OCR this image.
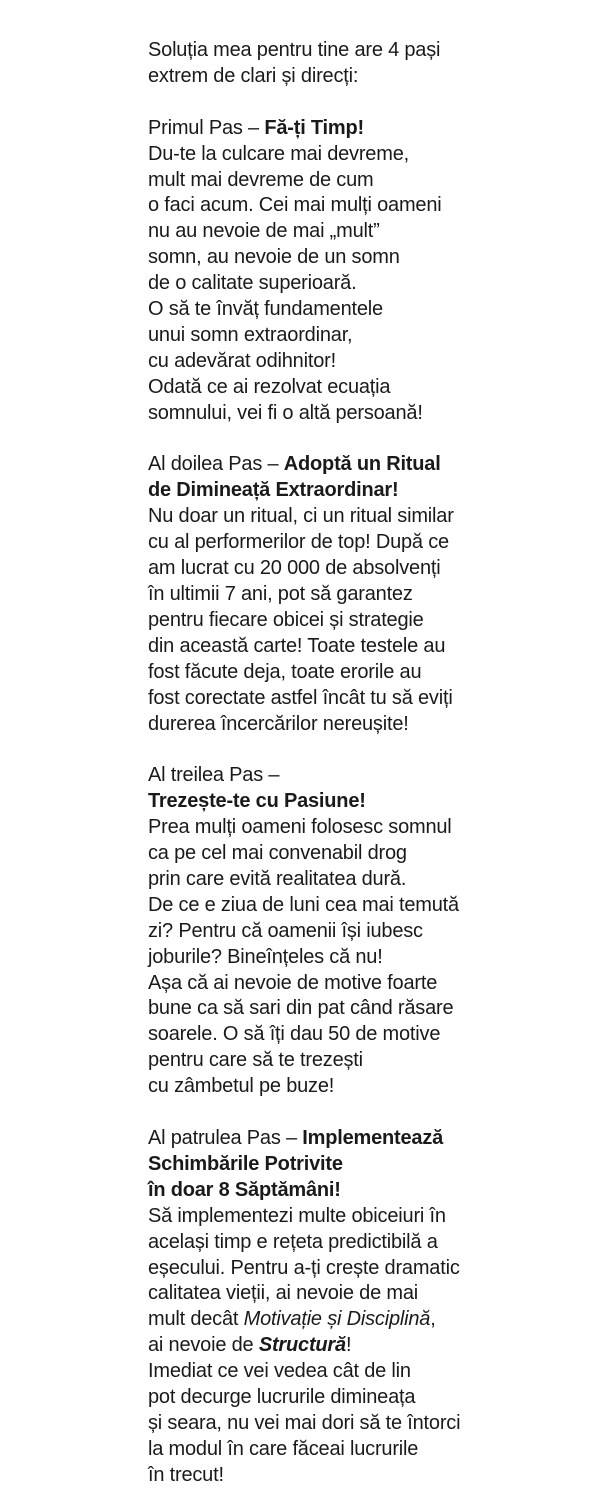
Soluția mea pentru tine are 4 pași
extrem de clari și direcți:
Primul Pas – Fă-ți Timp!
Du-te la culcare mai devreme,
mult mai devreme de cum
o faci acum. Cei mai mulți oameni
nu au nevoie de mai „mult”
somn, au nevoie de un somn
de o calitate superioară.
O să te învăț fundamentele
unui somn extraordinar,
cu adevărat odihnitor!
Odată ce ai rezolvat ecuația
somnului, vei fi o altă persoană!
Al doilea Pas – Adoptă un Ritual
de Dimineață Extraordinar!
Nu doar un ritual, ci un ritual similar
cu al performerilor de top! După ce
am lucrat cu 20 000 de absolvenți
în ultimii 7 ani, pot să garantez
pentru fiecare obicei și strategie
din această carte! Toate testele au
fost făcute deja, toate erorile au
fost corectate astfel încât tu să eviți
durerea încercărilor nereușite!
Al treilea Pas –
Trezește-te cu Pasiune!
Prea mulți oameni folosesc somnul
ca pe cel mai convenabil drog
prin care evită realitatea dură.
De ce e ziua de luni cea mai temută
zi? Pentru că oamenii își iubesc
joburile? Bineînțeles că nu!
Așa că ai nevoie de motive foarte
bune ca să sari din pat când răsare
soarele. O să îți dau 50 de motive
pentru care să te trezești
cu zâmbetul pe buze!
Al patrulea Pas – Implementează
Schimbările Potrivite
în doar 8 Săptămâni!
Să implementezi multe obiceiuri în
același timp e rețeta predictibilă a
eșecului. Pentru a-ți crește dramatic
calitatea vieții, ai nevoie de mai
mult decât Motivație și Disciplină,
ai nevoie de Structură!
Imediat ce vei vedea cât de lin
pot decurge lucrurile dimineața
și seara, nu vei mai dori să te întorci
la modul în care făceai lucrurile
în trecut!
